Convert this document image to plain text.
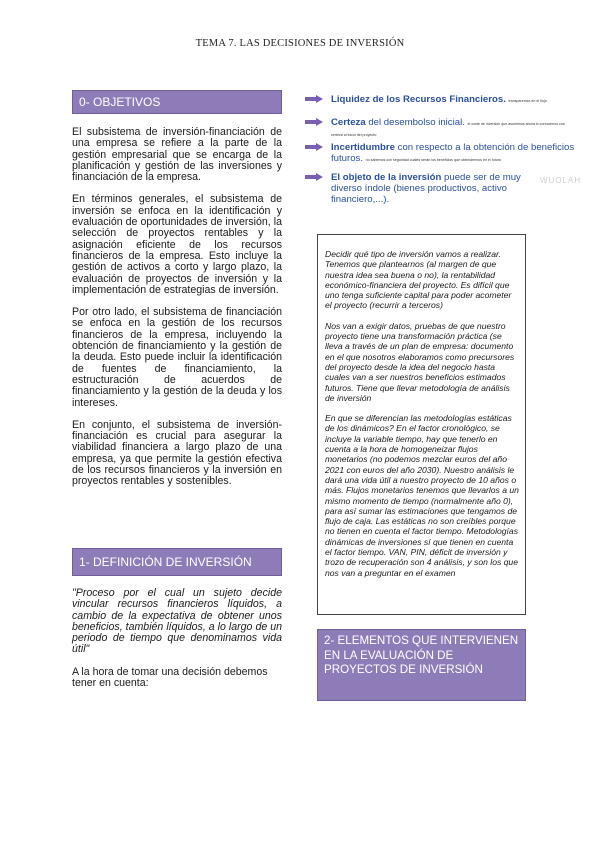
TEMA 7. LAS DECISIONES DE INVERSIÓN
0- OBJETIVOS

El subsistema de inversión-financiación de una empresa se refiere a la parte de la gestión empresarial que se encarga de la planificación y gestión de las inversiones y financiación de la empresa.

En términos generales, el subsistema de inversión se enfoca en la identificación y evaluación de oportunidades de inversión, la selección de proyectos rentables y la asignación eficiente de los recursos financieros de la empresa. Esto incluye la gestión de activos a corto y largo plazo, la evaluación de proyectos de inversión y la implementación de estrategias de inversión.

Por otro lado, el subsistema de financiación se enfoca en la gestión de los recursos financieros de la empresa, incluyendo la obtención de financiamiento y la gestión de la deuda. Esto puede incluir la identificación de fuentes de financiamiento, la estructuración de acuerdos de financiamiento y la gestión de la deuda y los intereses.

En conjunto, el subsistema de inversión-financiación es crucial para asegurar la viabilidad financiera a largo plazo de una empresa, ya que permite la gestión efectiva de los recursos financieros y la inversión en proyectos rentables y sostenibles.

1- DEFINICIÓN DE INVERSIÓN

"Proceso por el cual un sujeto decide vincular recursos financieros líquidos, a cambio de la expectativa de obtener unos beneficios, también líquidos, a lo largo de un periodo de tiempo que denominamos vida útil"

A la hora de tomar una decisión debemos tener en cuenta:

Liquidez de los Recursos Financieros. transparencia en el flujo
Certeza del desembolso inicial. el coste de inversión que asumimos ahora lo conocemos con certeza al inicio del proyecto
Incertidumbre con respecto a la obtención de beneficios futuros. no sabemos con seguridad cuáles serán los beneficios que obtendremos en el futuro
El objeto de la inversión puede ser de muy diverso índole (bienes productivos, activo financiero,...).
WUOLAH

Decidir qué tipo de inversión vamos a realizar. Tenemos que plantearnos (al margen de que nuestra idea sea buena o no), la rentabilidad económico-financiera del proyecto. Es difícil que uno tenga suficiente capital para poder acometer el proyecto (recurrir a terceros)

Nos van a exigir datos, pruebas de que nuestro proyecto tiene una transformación práctica (se lleva a través de un plan de empresa: documento en el que nosotros elaboramos como precursores del proyecto desde la idea del negocio hasta cuales van a ser nuestros beneficios estimados futuros. Tiene que llevar metodología de análisis de inversión

En que se diferencian las metodologías estáticas de los dinámicos? En el factor cronológico, se incluye la variable tiempo, hay que tenerlo en cuenta a la hora de homogeneizar flujos monetarios (no podemos mezclar euros del año 2021 con euros del año 2030). Nuestro análisis le dará una vida útil a nuestro proyecto de 10 años o más. Flujos monetarios tenemos que llevarlos a un mismo momento de tiempo (normalmente año 0), para así sumar las estimaciones que tengamos de flujo de caja. Las estáticas no son creíbles porque no tienen en cuenta el factor tiempo. Metodologías dinámicas de inversiones sí que tienen en cuenta el factor tiempo. VAN, PIN, déficit de inversión y trozo de recuperación son 4 análisis, y son los que nos van a preguntar en el examen

2- ELEMENTOS QUE INTERVIENEN EN LA EVALUACIÓN DE PROYECTOS DE INVERSIÓN
